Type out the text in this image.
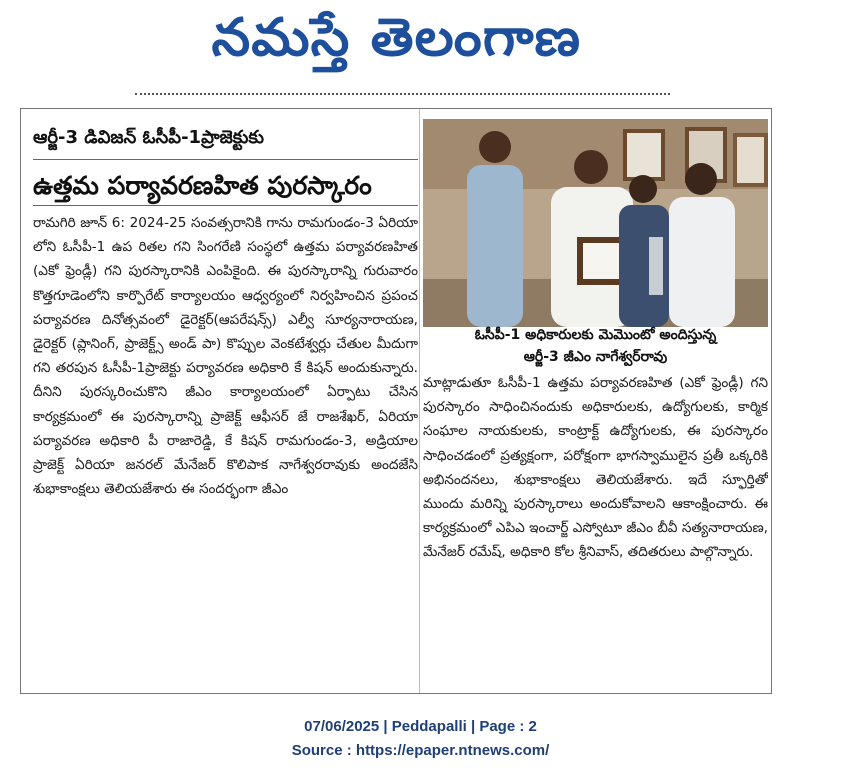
నమస్తే తెలంగాణ
ఆర్జీ-3 డివిజన్ ఓసీపీ-1ప్రాజెక్టుకు
ఉత్తమ పర్యావరణహిత పురస్కారం
రామగిరి జూన్ 6: 2024-25 సంవత్సరానికి గాను రామగుండం-3 ఏరియా లోని ఓసీపీ-1 ఉప రితల గని సింగరేణి సంస్థలో ఉత్తమ పర్యావరణహిత (ఎకో ఫ్రెండ్లీ) గని పురస్కారానికి ఎంపికైంది. ఈ పురస్కారాన్ని గురువారం కొత్తగూడెంలోని కార్పొరేట్ కార్యాలయం ఆధ్వర్యంలో నిర్వహించిన ప్రపంచ పర్యావరణ దినోత్సవంలో డైరెక్టర్(ఆపరేషన్స్) ఎల్వీ సూర్యనారాయణ, డైరెక్టర్ (ప్లానింగ్, ప్రాజెక్ట్స్ అండ్ పా) కొప్పుల వెంకటేశ్వర్లు చేతుల మీదుగా గని తరపున ఓసీపీ-1ప్రాజెక్టు పర్యావరణ అధికారి కే కిషన్ అందుకున్నారు. దీనిని పురస్కరించుకొని జీఎం కార్యాలయంలో ఏర్పాటు చేసిన కార్యక్రమంలో ఈ పురస్కారాన్ని ప్రాజెక్ట్ ఆఫీసర్ జే రాజశేఖర్, ఏరియా పర్యావరణ అధికారి పీ రాజారెడ్డి, కే కిషన్ రామగుండం-3, అడ్రియాల ప్రాజెక్ట్ ఏరియా జనరల్ మేనేజర్ కొలిపాక నాగేశ్వరరావుకు అందజేసి శుభాకాంక్షలు తెలియజేశారు ఈ సందర్భంగా జీఎం
ఓసీపీ-1 అధికారులకు మెమొంటో అందిస్తున్న
ఆర్జీ-3 జీఎం నాగేశ్వర్‌రావు
మాట్లాడుతూ ఓసీపీ-1 ఉత్తమ పర్యావరణహిత (ఎకో ఫ్రెండ్లీ) గని పురస్కారం సాధించినందుకు అధికారులకు, ఉద్యోగులకు, కార్మిక సంఘాల నాయకులకు, కాంట్రాక్ట్ ఉద్యోగులకు, ఈ పురస్కారం సాధించడంలో ప్రత్యక్షంగా, పరోక్షంగా భాగస్వాములైన ప్రతీ ఒక్కరికి అభినందనలు, శుభాకాంక్షలు తెలియజేశారు. ఇదే స్ఫూర్తితో ముందు మరిన్ని పురస్కారాలు అందుకోవాలని ఆకాంక్షించారు. ఈ కార్యక్రమంలో ఎపిఎ ఇంచార్జ్ ఎస్వోటూ జీఎం బీవీ సత్యనారాయణ, మేనేజర్ రమేష్, అధికారి కోల శ్రీనివాస్, తదితరులు పాల్గొన్నారు.
07/06/2025 | Peddapalli | Page : 2
Source : https://epaper.ntnews.com/
